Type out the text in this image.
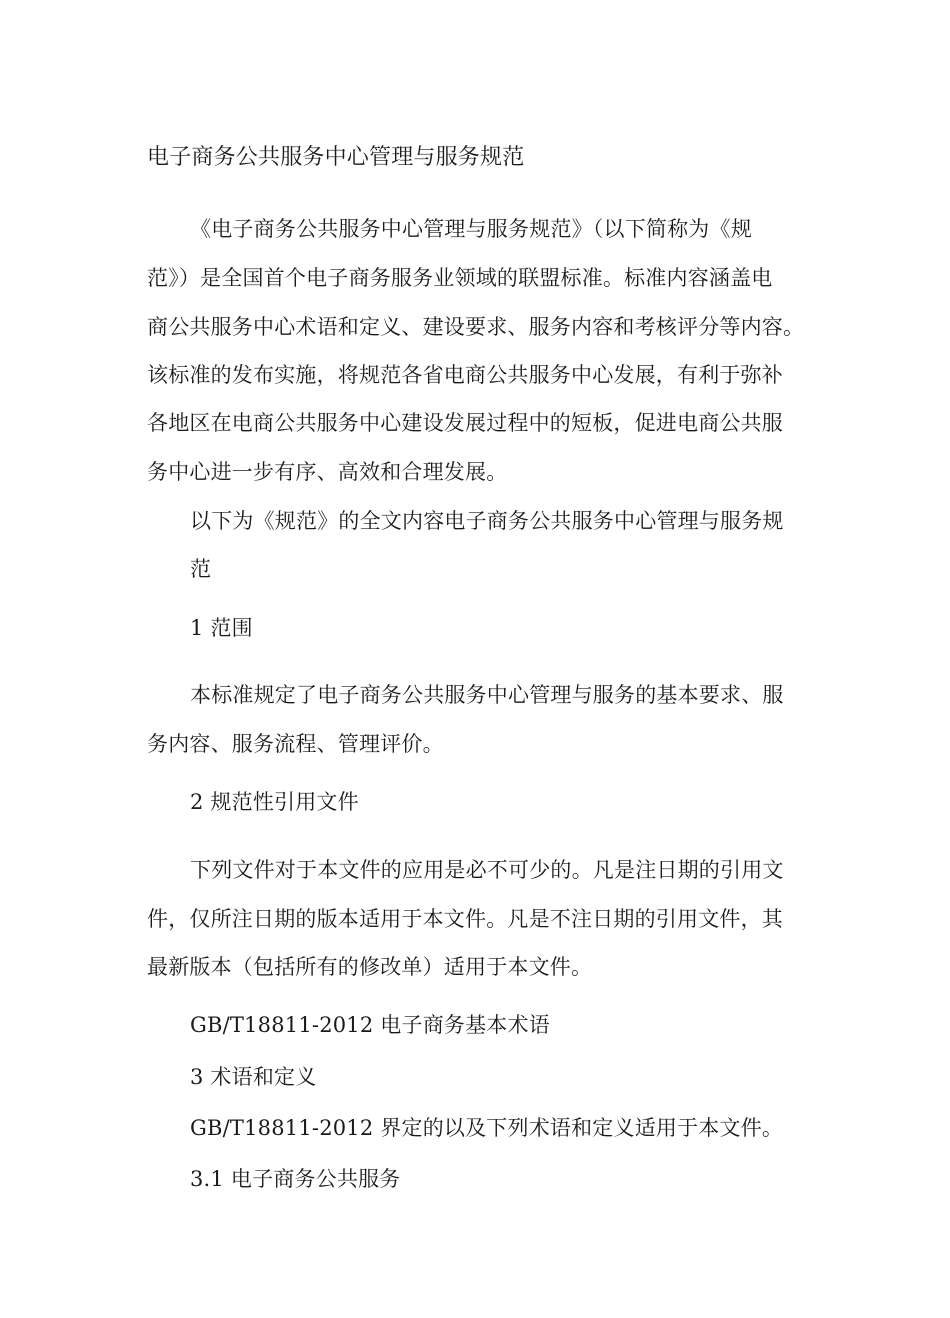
电子商务公共服务中心管理与服务规范
《电子商务公共服务中心管理与服务规范》（以下简称为《规
范》）是全国首个电子商务服务业领域的联盟标准。标准内容涵盖电
商公共服务中心术语和定义、建设要求、服务内容和考核评分等内容。
该标准的发布实施，将规范各省电商公共服务中心发展，有利于弥补
各地区在电商公共服务中心建设发展过程中的短板，促进电商公共服
务中心进一步有序、高效和合理发展。
以下为《规范》的全文内容电子商务公共服务中心管理与服务规
范
1 范围
本标准规定了电子商务公共服务中心管理与服务的基本要求、服
务内容、服务流程、管理评价。
2 规范性引用文件
下列文件对于本文件的应用是必不可少的。凡是注日期的引用文
件，仅所注日期的版本适用于本文件。凡是不注日期的引用文件，其
最新版本（包括所有的修改单）适用于本文件。
GB/T18811-2012 电子商务基本术语
3 术语和定义
GB/T18811-2012 界定的以及下列术语和定义适用于本文件。
3.1 电子商务公共服务
